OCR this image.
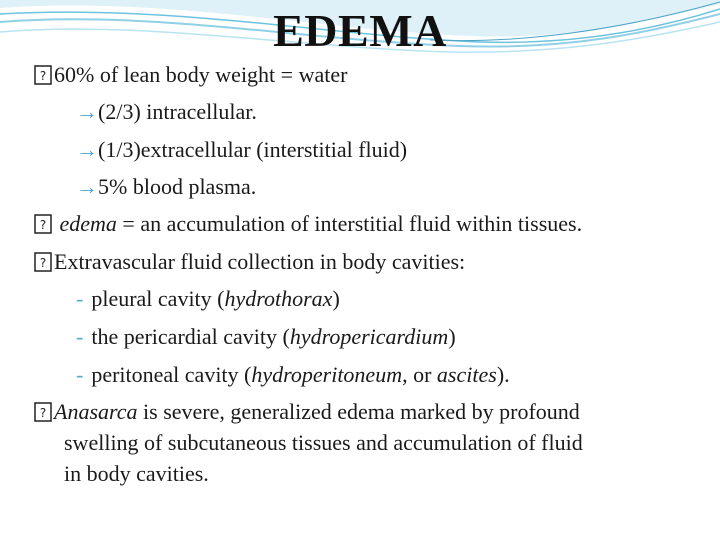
EDEMA
? 60% of lean body weight = water
→(2/3) intracellular.
→(1/3)extracellular (interstitial fluid)
→5% blood plasma.
? edema = an accumulation of interstitial fluid within tissues.
? Extravascular fluid collection in body cavities:
- pleural cavity (hydrothorax)
- the pericardial cavity (hydropericardium)
- peritoneal cavity (hydroperitoneum, or ascites).
? Anasarca is severe, generalized edema marked by profound
swelling of subcutaneous tissues and accumulation of fluid
in body cavities.
